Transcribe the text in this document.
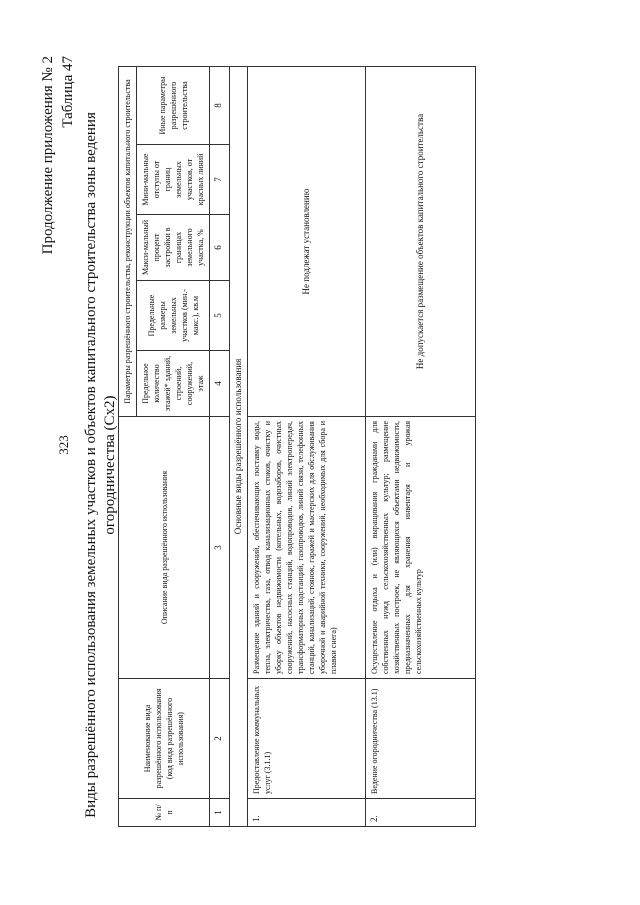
323
Продолжение приложения № 2 Таблица 47
Виды разрешённого использования земельных участков и объектов капитального строительства зоны ведения огородничества (Сх2)
№ п/п	Наименование вида разрешённого использования (код вида разрешённого использования)	Описание вида разрешённого использования	Параметры разрешённого строительства, реконструкции объектов капитального строительства				
			Предельное количество этажей* зданий, строений, сооружений, этаж	Предельные размеры земельных участков (мин.-макс.), кв.м	Макси-мальный процент застройки в границах земельного участка, %	Мини-мальные отступы от границ земельных участков, от красных линий	Иные параметры разрешённого строительства
1	2	3	4	5	6	7	8
Основные виды разрешённого использования							
1.	Предоставление коммунальных услуг (3.1.1)	Размещение зданий и сооружений, обеспечивающих поставку воды, тепла, электричества, газа, отвод канализационных стоков, очистку и уборку объектов недвижимости (котельных, водозаборов, очистных сооружений, насосных станций, водопроводов, линий электропередач, трансформаторных подстанций, газопроводов, линий связи, телефонных станций, канализаций, стоянок, гаражей и мастерских для обслуживания уборочной и аварийной техники, сооружений, необходимых для сбора и плавки снега)	Не подлежат установлению				
2.	Ведение огородничества (13.1)	Осуществление отдыха и (или) выращивания гражданами для собственных нужд сельскохозяйственных культур; размещение хозяйственных построек, не являющихся объектами недвижимости, предназначенных для хранения инвентаря и урожая сельскохозяйственных культур	Не допускается размещение объектов капитального строительства				
